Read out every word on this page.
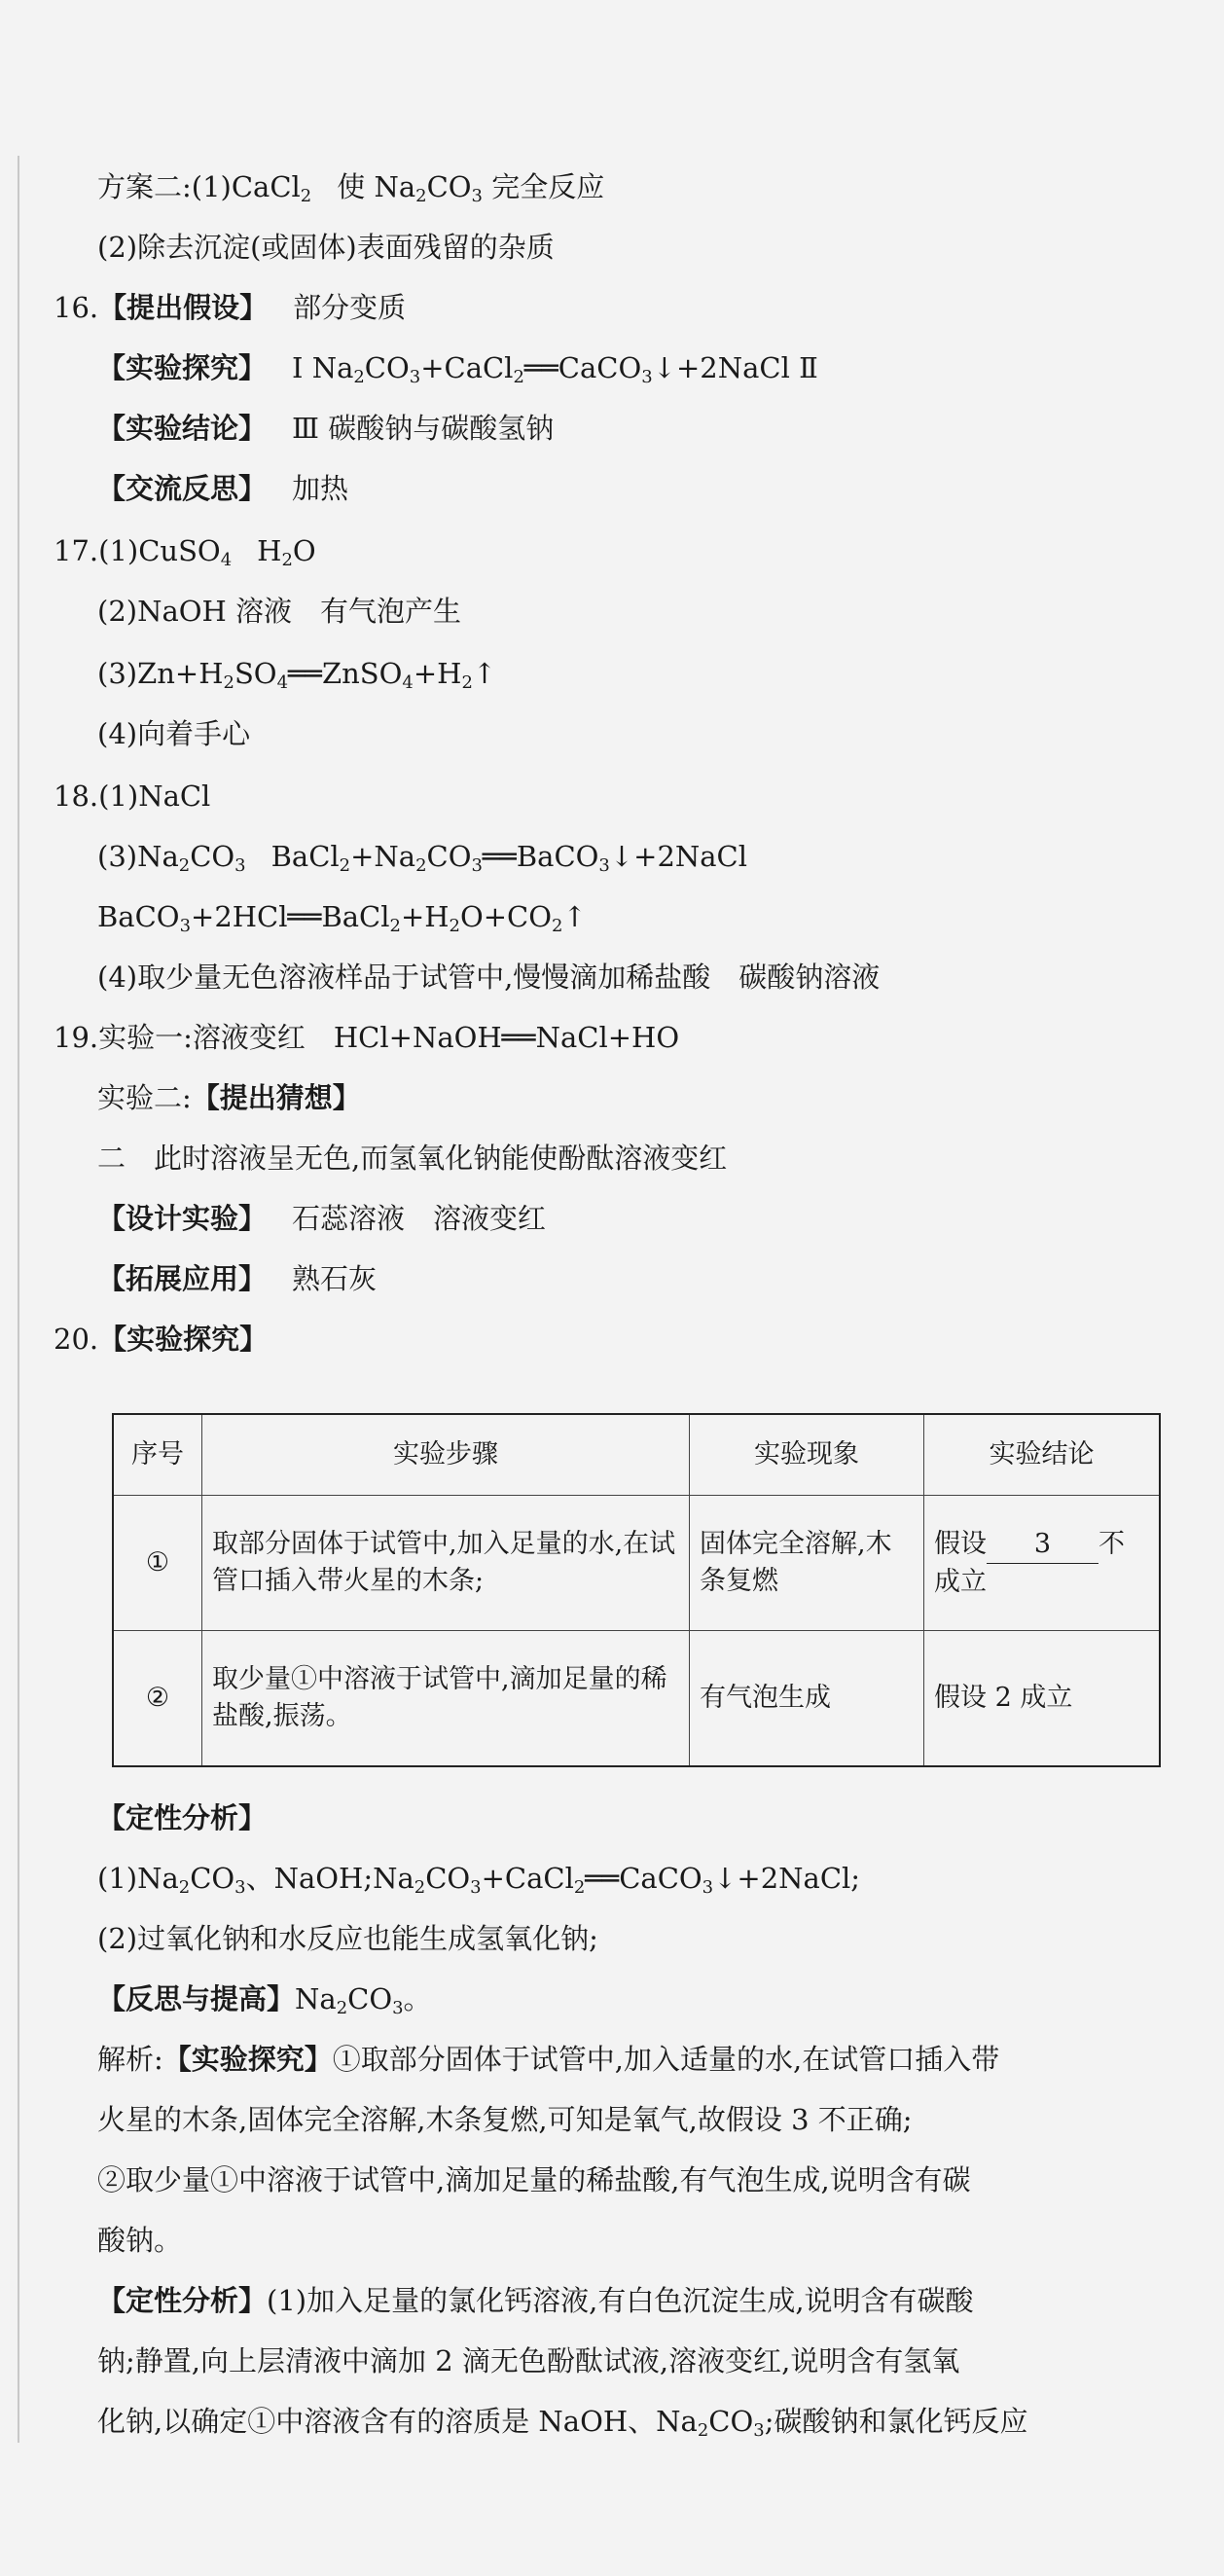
方案二:(1)CaCl$_2$ 使 $Na_2CO_3$ 完全反应
(2)除去沉淀(或固体)表面残留的杂质
16.【提出假设】 部分变质
【实验探究】 Ⅰ $Na_2CO_3+CaCl_2══CaCO_3↓+2NaCl$ Ⅱ
【实验结论】 Ⅲ 碳酸钠与碳酸氢钠
【交流反思】 加热
17.(1)CuSO$_4$ $H_2O$
(2)NaOH 溶液　有气泡产生
$(3)Zn+H_2SO_4══ZnSO_4+H_2↑$
(4)向着手心
18.(1)NaCl
$(3)Na_2CO_3$ $BaCl_2+Na_2CO_3══BaCO_3↓+2NaCl$
$BaCO_3+2HCl══BaCl_2+H_2O+CO_2↑$
(4)取少量无色溶液样品于试管中,慢慢滴加稀盐酸　碳酸钠溶液
19.实验一:溶液变红　HCl+NaOH══NaCl+HO
实验二:【提出猜想】
二　此时溶液呈无色,而氢氧化钠能使酚酞溶液变红
【设计实验】 石蕊溶液　溶液变红
【拓展应用】 熟石灰
20.【实验探究】
序号	实验步骤	实验现象	实验结论
①	取部分固体于试管中,加入足量的水,在试管口插入带火星的木条;	固体完全溶解,木条复燃	假设 3 不成立
②	取少量①中溶液于试管中,滴加足量的稀盐酸,振荡。	有气泡生成	假设 2 成立
【定性分析】
$(1)Na_2CO_3$、$NaOH;Na_2CO_3+CaCl_2══CaCO_3↓+2NaCl$;
(2)过氧化钠和水反应也能生成氢氧化钠;
【反思与提高】$Na_2CO_3$。
解析:【实验探究】①取部分固体于试管中,加入适量的水,在试管口插入带
火星的木条,固体完全溶解,木条复燃,可知是氧气,故假设 3 不正确;
②取少量①中溶液于试管中,滴加足量的稀盐酸,有气泡生成,说明含有碳
酸钠。
【定性分析】(1)加入足量的氯化钙溶液,有白色沉淀生成,说明含有碳酸
钠;静置,向上层清液中滴加 2 滴无色酚酞试液,溶液变红,说明含有氢氧
化钠,以确定①中溶液含有的溶质是 NaOH、$Na_2CO_3$;碳酸钠和氯化钙反应
